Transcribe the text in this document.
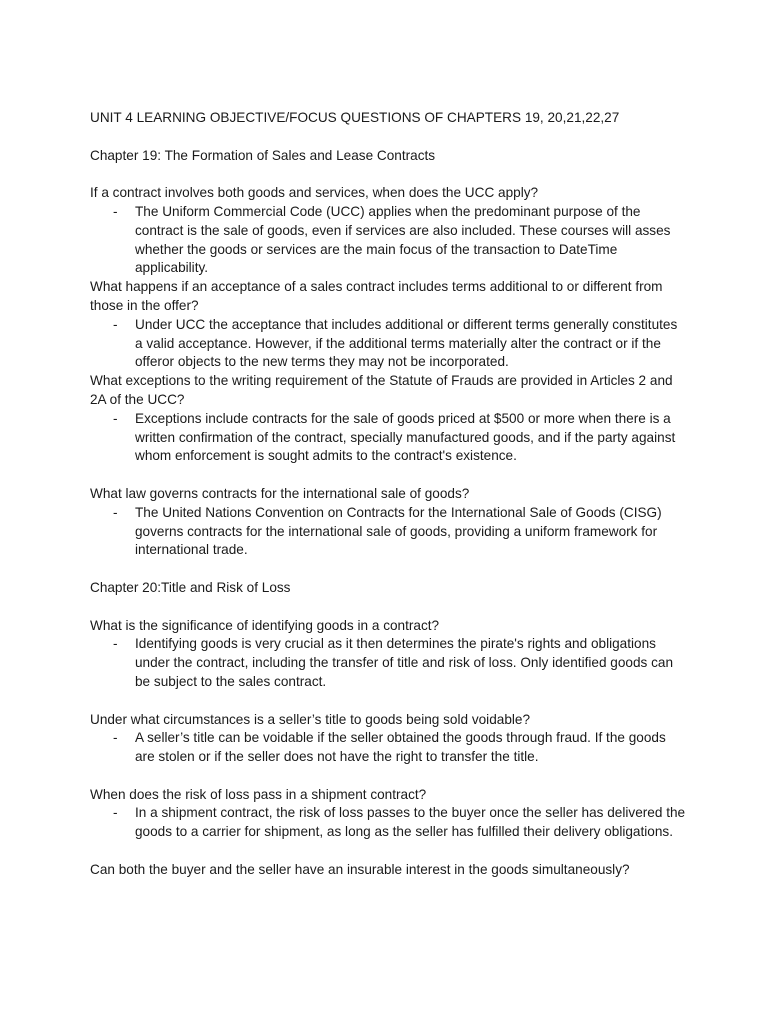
UNIT 4 LEARNING OBJECTIVE/FOCUS QUESTIONS OF CHAPTERS 19, 20,21,22,27

Chapter 19: The Formation of Sales and Lease Contracts

If a contract involves both goods and services, when does the UCC apply?

- The Uniform Commercial Code (UCC) applies when the predominant purpose of the contract is the sale of goods, even if services are also included. These courses will asses whether the goods or services are the main focus of the transaction to DateTime applicability.

What happens if an acceptance of a sales contract includes terms additional to or different from those in the offer?

- Under UCC the acceptance that includes additional or different terms generally constitutes a valid acceptance. However, if the additional terms materially alter the contract or if the offeror objects to the new terms they may not be incorporated.

What exceptions to the writing requirement of the Statute of Frauds are provided in Articles 2 and 2A of the UCC?

- Exceptions include contracts for the sale of goods priced at $500 or more when there is a written confirmation of the contract, specially manufactured goods, and if the party against whom enforcement is sought admits to the contract's existence.

What law governs contracts for the international sale of goods?

- The United Nations Convention on Contracts for the International Sale of Goods (CISG) governs contracts for the international sale of goods, providing a uniform framework for international trade.

Chapter 20:Title and Risk of Loss

What is the significance of identifying goods in a contract?

- Identifying goods is very crucial as it then determines the pirate's rights and obligations under the contract, including the transfer of title and risk of loss. Only identified goods can be subject to the sales contract.

Under what circumstances is a seller’s title to goods being sold voidable?

- A seller’s title can be voidable if the seller obtained the goods through fraud. If the goods are stolen or if the seller does not have the right to transfer the title.

When does the risk of loss pass in a shipment contract?

- In a shipment contract, the risk of loss passes to the buyer once the seller has delivered the goods to a carrier for shipment, as long as the seller has fulfilled their delivery obligations.

Can both the buyer and the seller have an insurable interest in the goods simultaneously?
